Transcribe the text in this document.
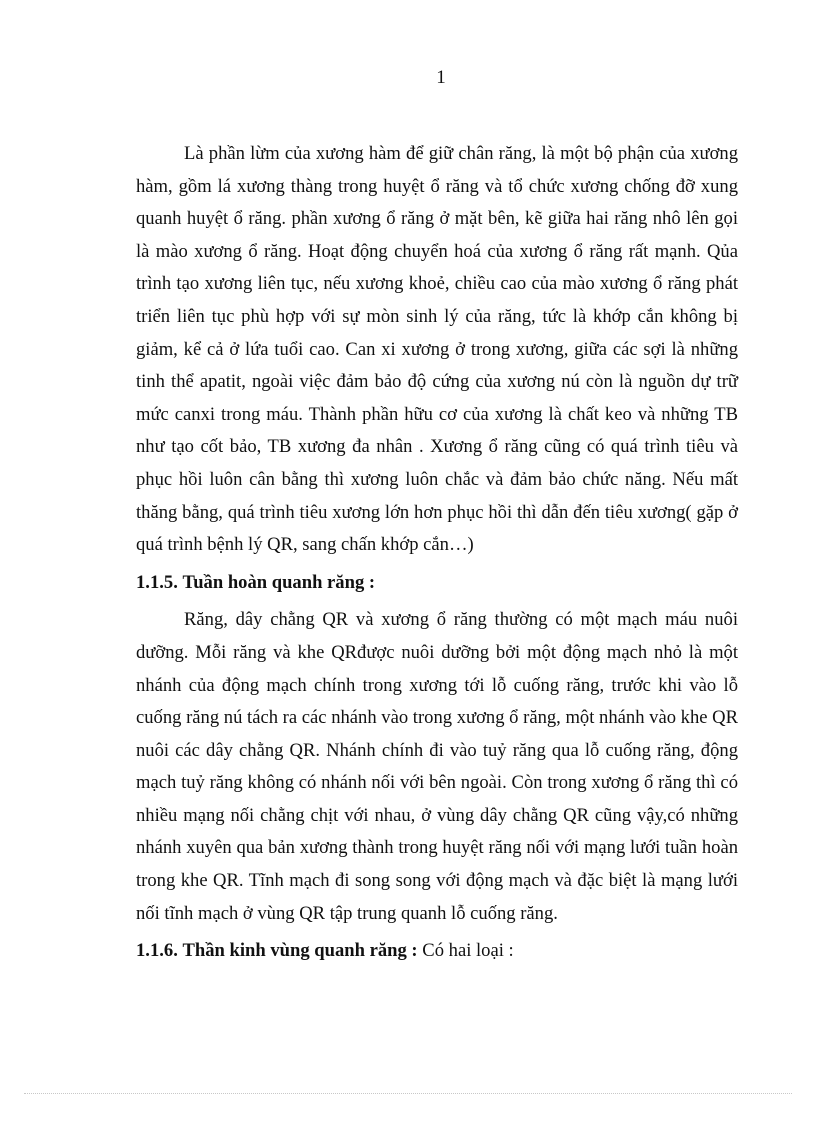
1

Là phần lừm của xương hàm để giữ chân răng, là một bộ phận của xương hàm, gồm lá xương thàng trong huyệt ổ răng và tổ chức xương chống đỡ xung quanh huyệt ổ răng. phần xương ổ răng ở mặt bên, kẽ giữa hai răng nhô lên gọi là mào xương ổ răng. Hoạt động chuyển hoá của xương ổ răng rất mạnh. Qủa trình tạo xương liên tục, nếu xương khoẻ, chiều cao của mào xương ổ răng phát triển liên tục phù hợp với sự mòn sinh lý của răng, tức là khớp cắn không bị giảm, kể cả ở lứa tuổi cao. Can xi xương ở trong xương, giữa các sợi là những tinh thể apatit, ngoài việc đảm bảo độ cứng của xương nú còn là nguồn dự trữ mức canxi trong máu. Thành phần hữu cơ của xương là chất keo và những TB như tạo cốt bảo, TB xương đa nhân . Xương ổ răng cũng có quá trình tiêu và phục hồi luôn cân bằng thì xương luôn chắc và đảm bảo chức năng. Nếu mất thăng bằng, quá trình tiêu xương lớn hơn phục hồi thì dẫn đến tiêu xương( gặp ở quá trình bệnh lý QR, sang chấn khớp cắn…)

1.1.5. Tuần hoàn quanh răng :

Răng, dây chằng QR và xương ổ răng thường có một mạch máu nuôi dưỡng. Mỗi răng và khe QRđược nuôi dưỡng bởi một động mạch nhỏ là một nhánh của động mạch chính trong xương tới lỗ cuống răng, trước khi vào lỗ cuống răng nú tách ra các nhánh vào trong xương ổ răng, một nhánh vào khe QR nuôi các dây chằng QR. Nhánh chính đi vào tuỷ răng qua lỗ cuống răng, động mạch tuỷ răng không có nhánh nối với bên ngoài. Còn trong xương ổ răng thì có nhiều mạng nối chằng chịt với nhau, ở vùng dây chằng QR cũng vậy,có những nhánh xuyên qua bản xương thành trong huyệt răng nối với mạng lưới tuần hoàn trong khe QR. Tĩnh mạch đi song song với động mạch và đặc biệt là mạng lưới nối tĩnh mạch ở vùng QR tập trung quanh lỗ cuống răng.

1.1.6. Thần kinh vùng quanh răng : Có hai loại :
